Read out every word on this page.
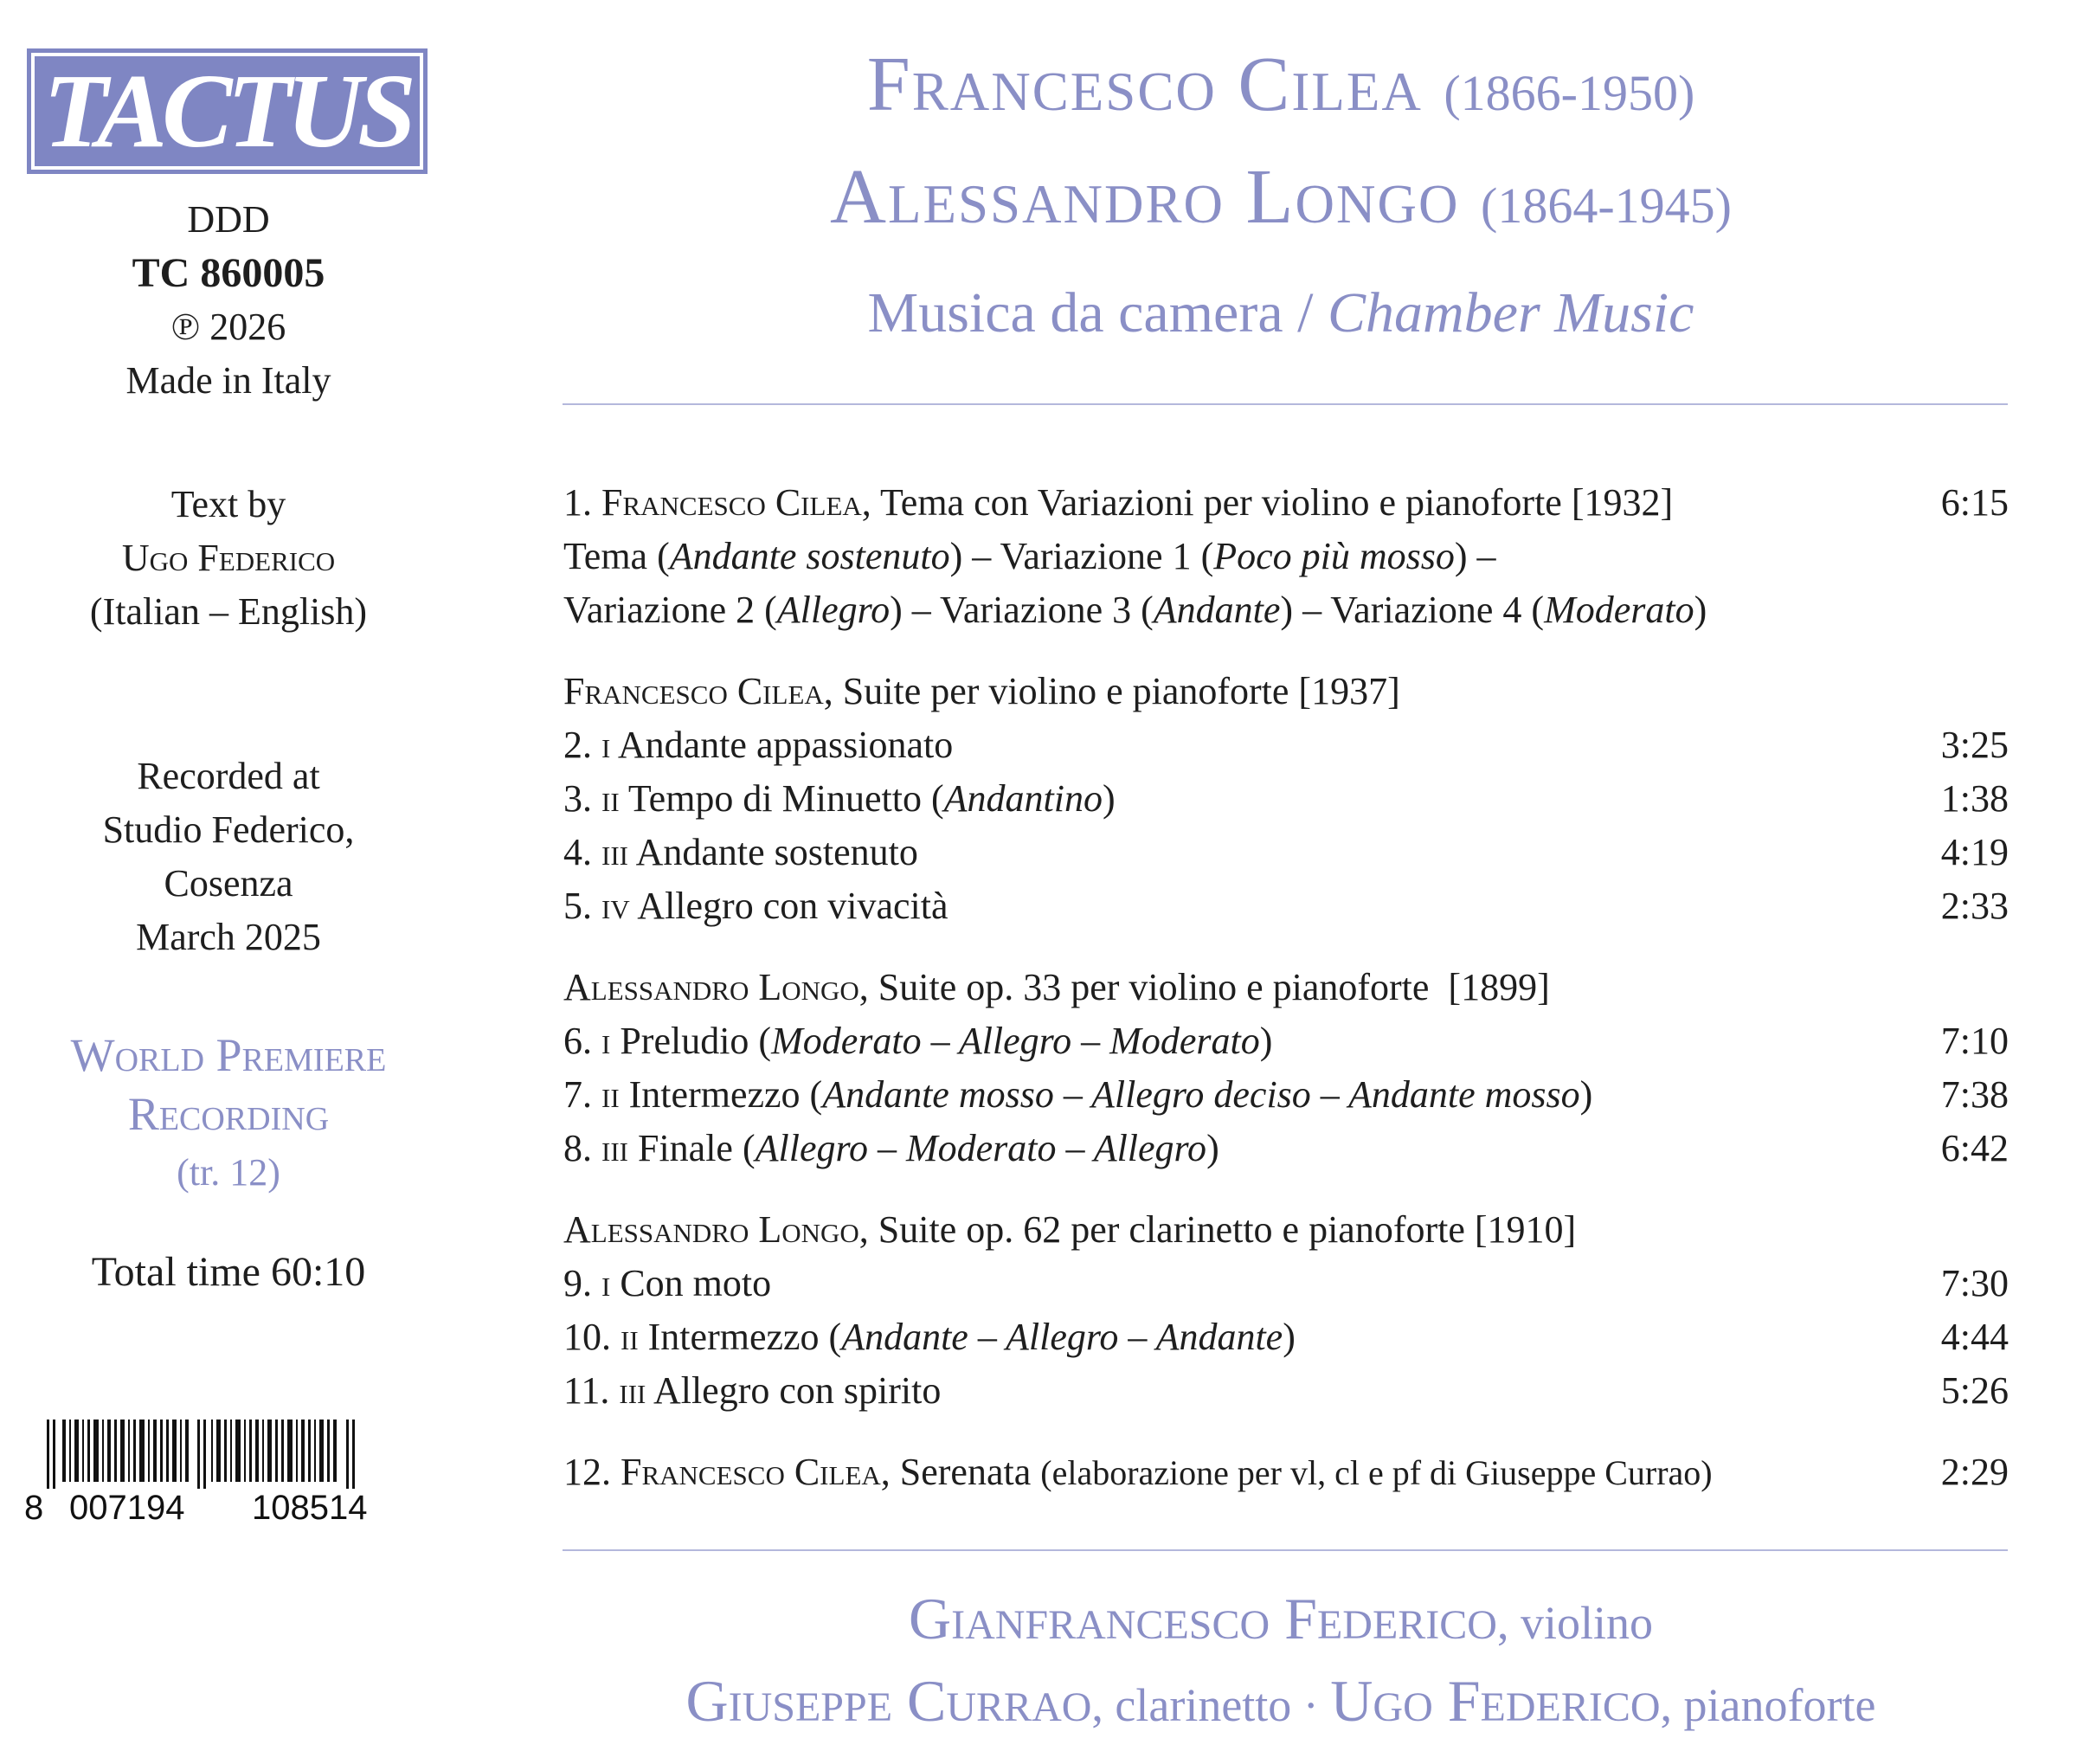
TACTUS
DDD
TC 860005
℗ 2026
Made in Italy
Text by
Ugo Federico
(Italian – English)
Recorded at
Studio Federico,
Cosenza
March 2025
World Premiere
Recording
(tr. 12)
Total time 60:10
8 007194 108514
Francesco Cilea (1866-1950)
Alessandro Longo (1864-1945)
Musica da camera / Chamber Music
1. Francesco Cilea, Tema con Variazioni per violino e pianoforte [1932]	6:15
Tema (Andante sostenuto) – Variazione 1 (Poco più mosso) –
Variazione 2 (Allegro) – Variazione 3 (Andante) – Variazione 4 (Moderato)
Francesco Cilea, Suite per violino e pianoforte [1937]
2. i Andante appassionato	3:25
3. ii Tempo di Minuetto (Andantino)	1:38
4. iii Andante sostenuto	4:19
5. iv Allegro con vivacità	2:33
Alessandro Longo, Suite op. 33 per violino e pianoforte  [1899]
6. i Preludio (Moderato – Allegro – Moderato)	7:10
7. ii Intermezzo (Andante mosso – Allegro deciso – Andante mosso)	7:38
8. iii Finale (Allegro – Moderato – Allegro)	6:42
Alessandro Longo, Suite op. 62 per clarinetto e pianoforte [1910]
9. i Con moto	7:30
10. ii Intermezzo (Andante – Allegro – Andante)	4:44
11. iii Allegro con spirito	5:26
12. Francesco Cilea, Serenata (elaborazione per vl, cl e pf di Giuseppe Currao)	2:29
Gianfrancesco Federico, violino
Giuseppe Currao, clarinetto · Ugo Federico, pianoforte
